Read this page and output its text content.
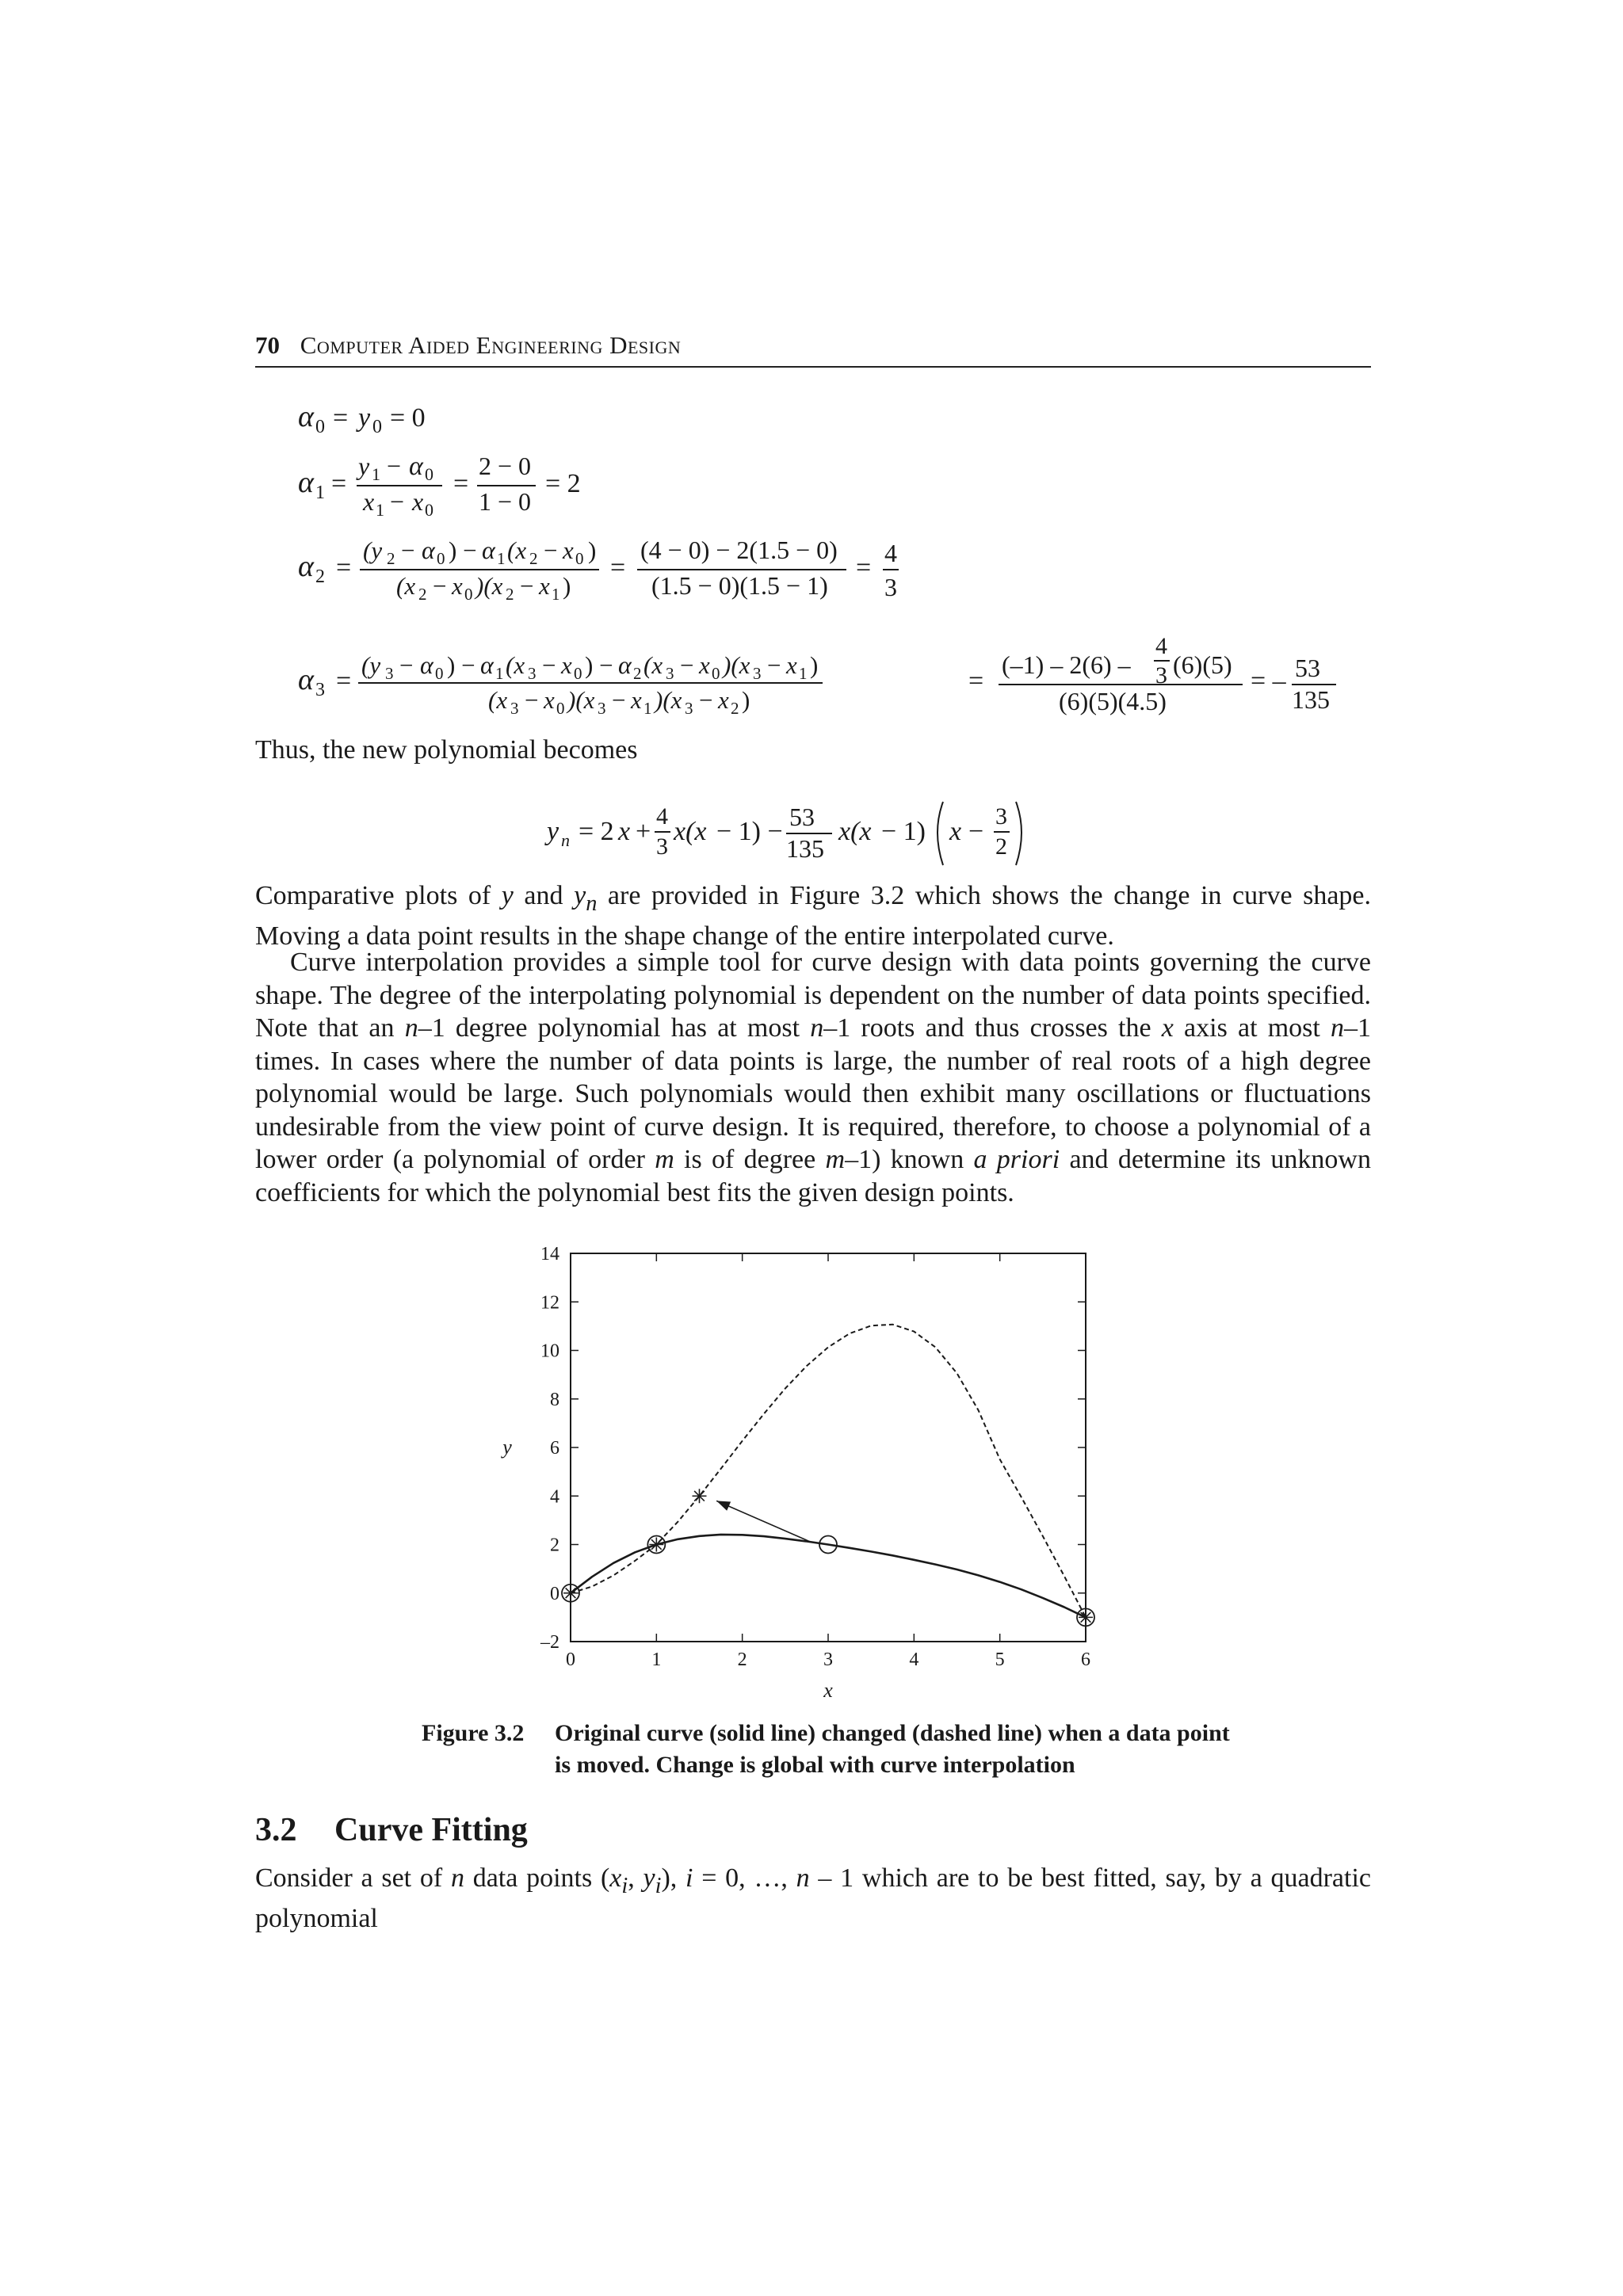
70 Computer Aided Engineering Design
α 0 = y 0 = 0
α 1 =
y 1 − α 0
x 1 − x 0
=
2 − 0
1 − 0
= 2
α 2 =
(y 2 − α 0 ) − α 1 (x 2 − x 0 )
(x 2 − x 0 )(x 2 − x 1 )
=
(4 − 0) − 2(1.5 − 0)
(1.5 − 0)(1.5 − 1)
= 4
3
α 3 =
(y 3 − α 0 ) − α 1 (x 3 − x 0 ) − α 2 (x 3 − x 0 )(x 3 − x 1 )
(x 3 − x 0 )(x 3 − x 1 )(x 3 − x 2 )
=
(–1) – 2(6) –
4
3 (6)(5)
(6)(5)(4.5)
= – 53
135

Thus, the new polynomial becomes

y n = 2 x +
4
3
x(x − 1) − 53
135
x(x − 1) x −
3
2

Comparative plots of y and $y_n$ are provided in Figure 3.2 which shows the change in curve shape. Moving a data point results in the shape change of the entire interpolated curve.

Curve interpolation provides a simple tool for curve design with data points governing the curve shape. The degree of the interpolating polynomial is dependent on the number of data points specified. Note that an n–1 degree polynomial has at most n–1 roots and thus crosses the x axis at most n–1 times. In cases where the number of data points is large, the number of real roots of a high degree polynomial would be large. Such polynomials would then exhibit many oscillations or fluctuations undesirable from the view point of curve design. It is required, therefore, to choose a polynomial of a lower order (a polynomial of order m is of degree m–1) known a priori and determine its unknown coefficients for which the polynomial best fits the given design points.

0	1	2	3	4	5	6
–2
0
2
4
6
8
10
12
14
x
y
Figure 3.2 Original curve (solid line) changed (dashed line) when a data point is moved. Change is global with curve interpolation
3.2 Curve Fitting

Consider a set of n data points ($x_i$, $y_i$), i = 0, …, n – 1 which are to be best fitted, say, by a quadratic polynomial
